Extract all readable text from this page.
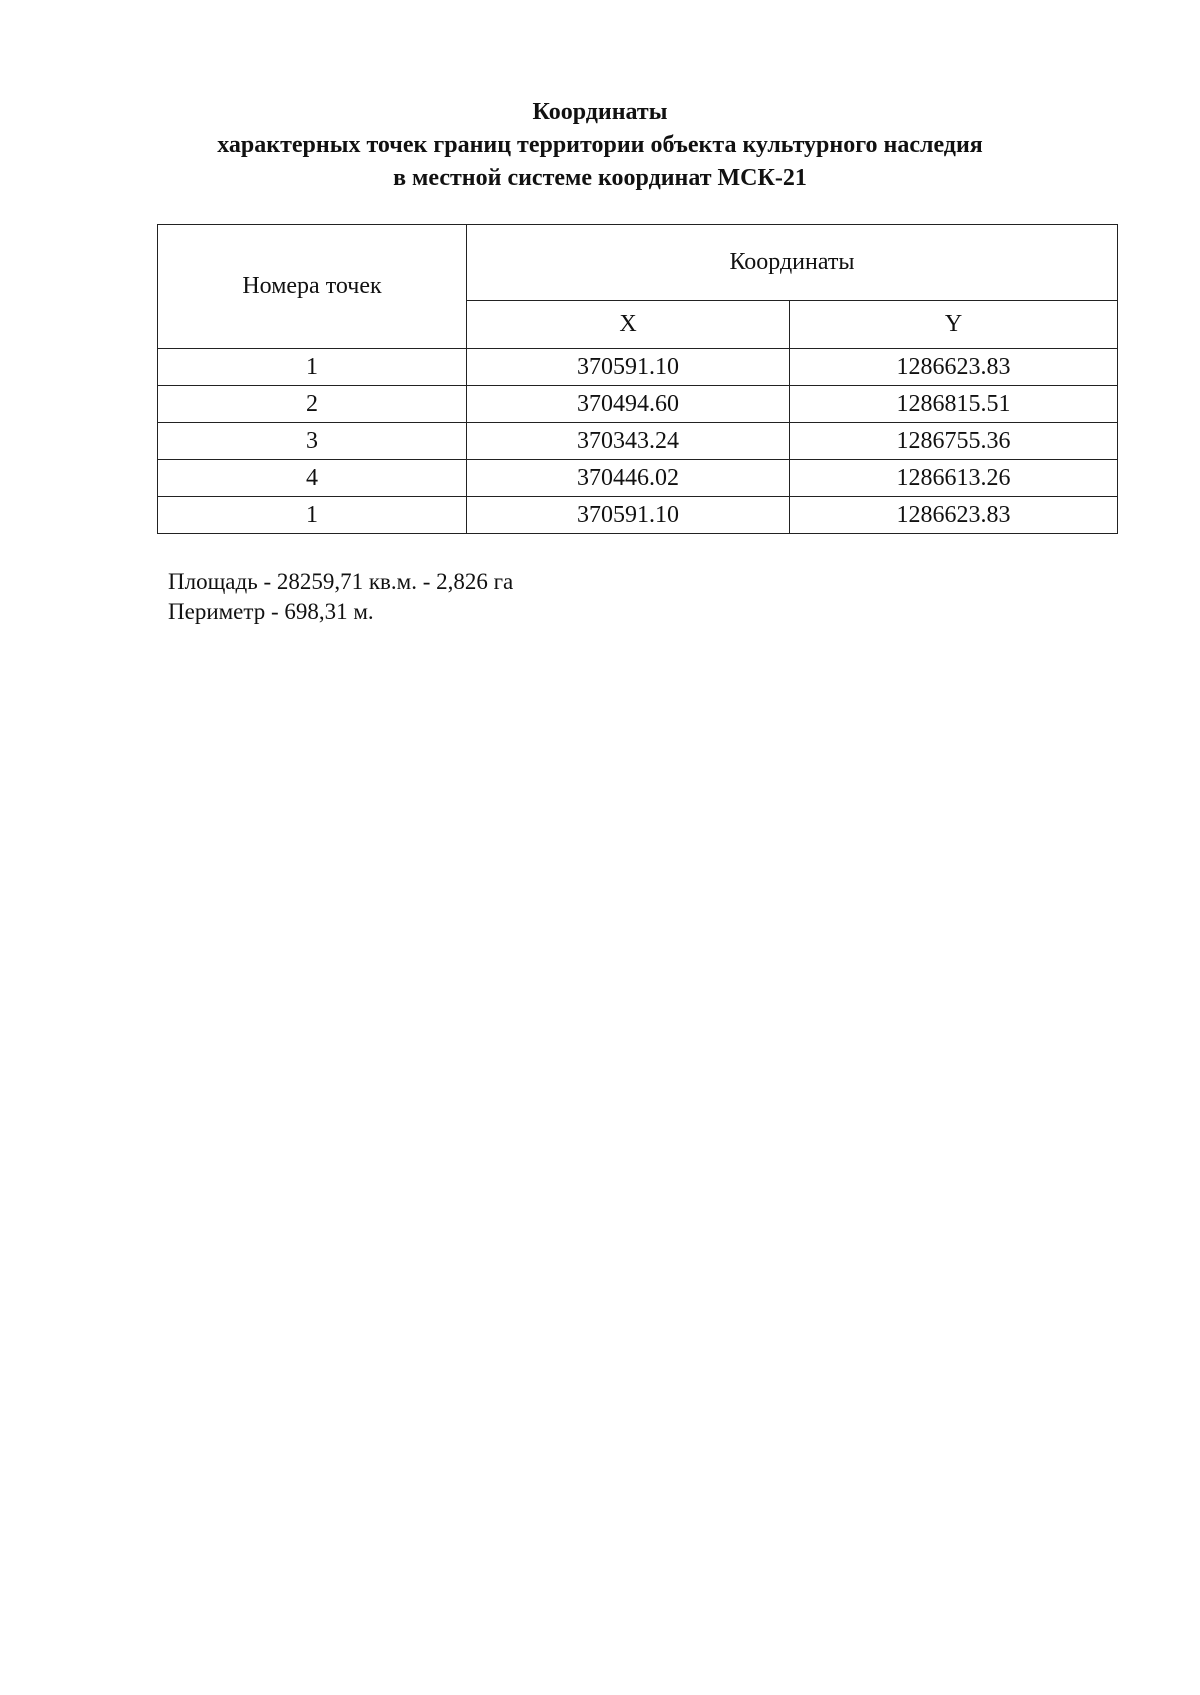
Координаты
характерных точек границ территории объекта культурного наследия
в местной системе координат МСК-21
Номера точек	Координаты	
	X	Y
1	370591.10	1286623.83
2	370494.60	1286815.51
3	370343.24	1286755.36
4	370446.02	1286613.26
1	370591.10	1286623.83
Площадь - 28259,71 кв.м. - 2,826 га
Периметр - 698,31 м.
